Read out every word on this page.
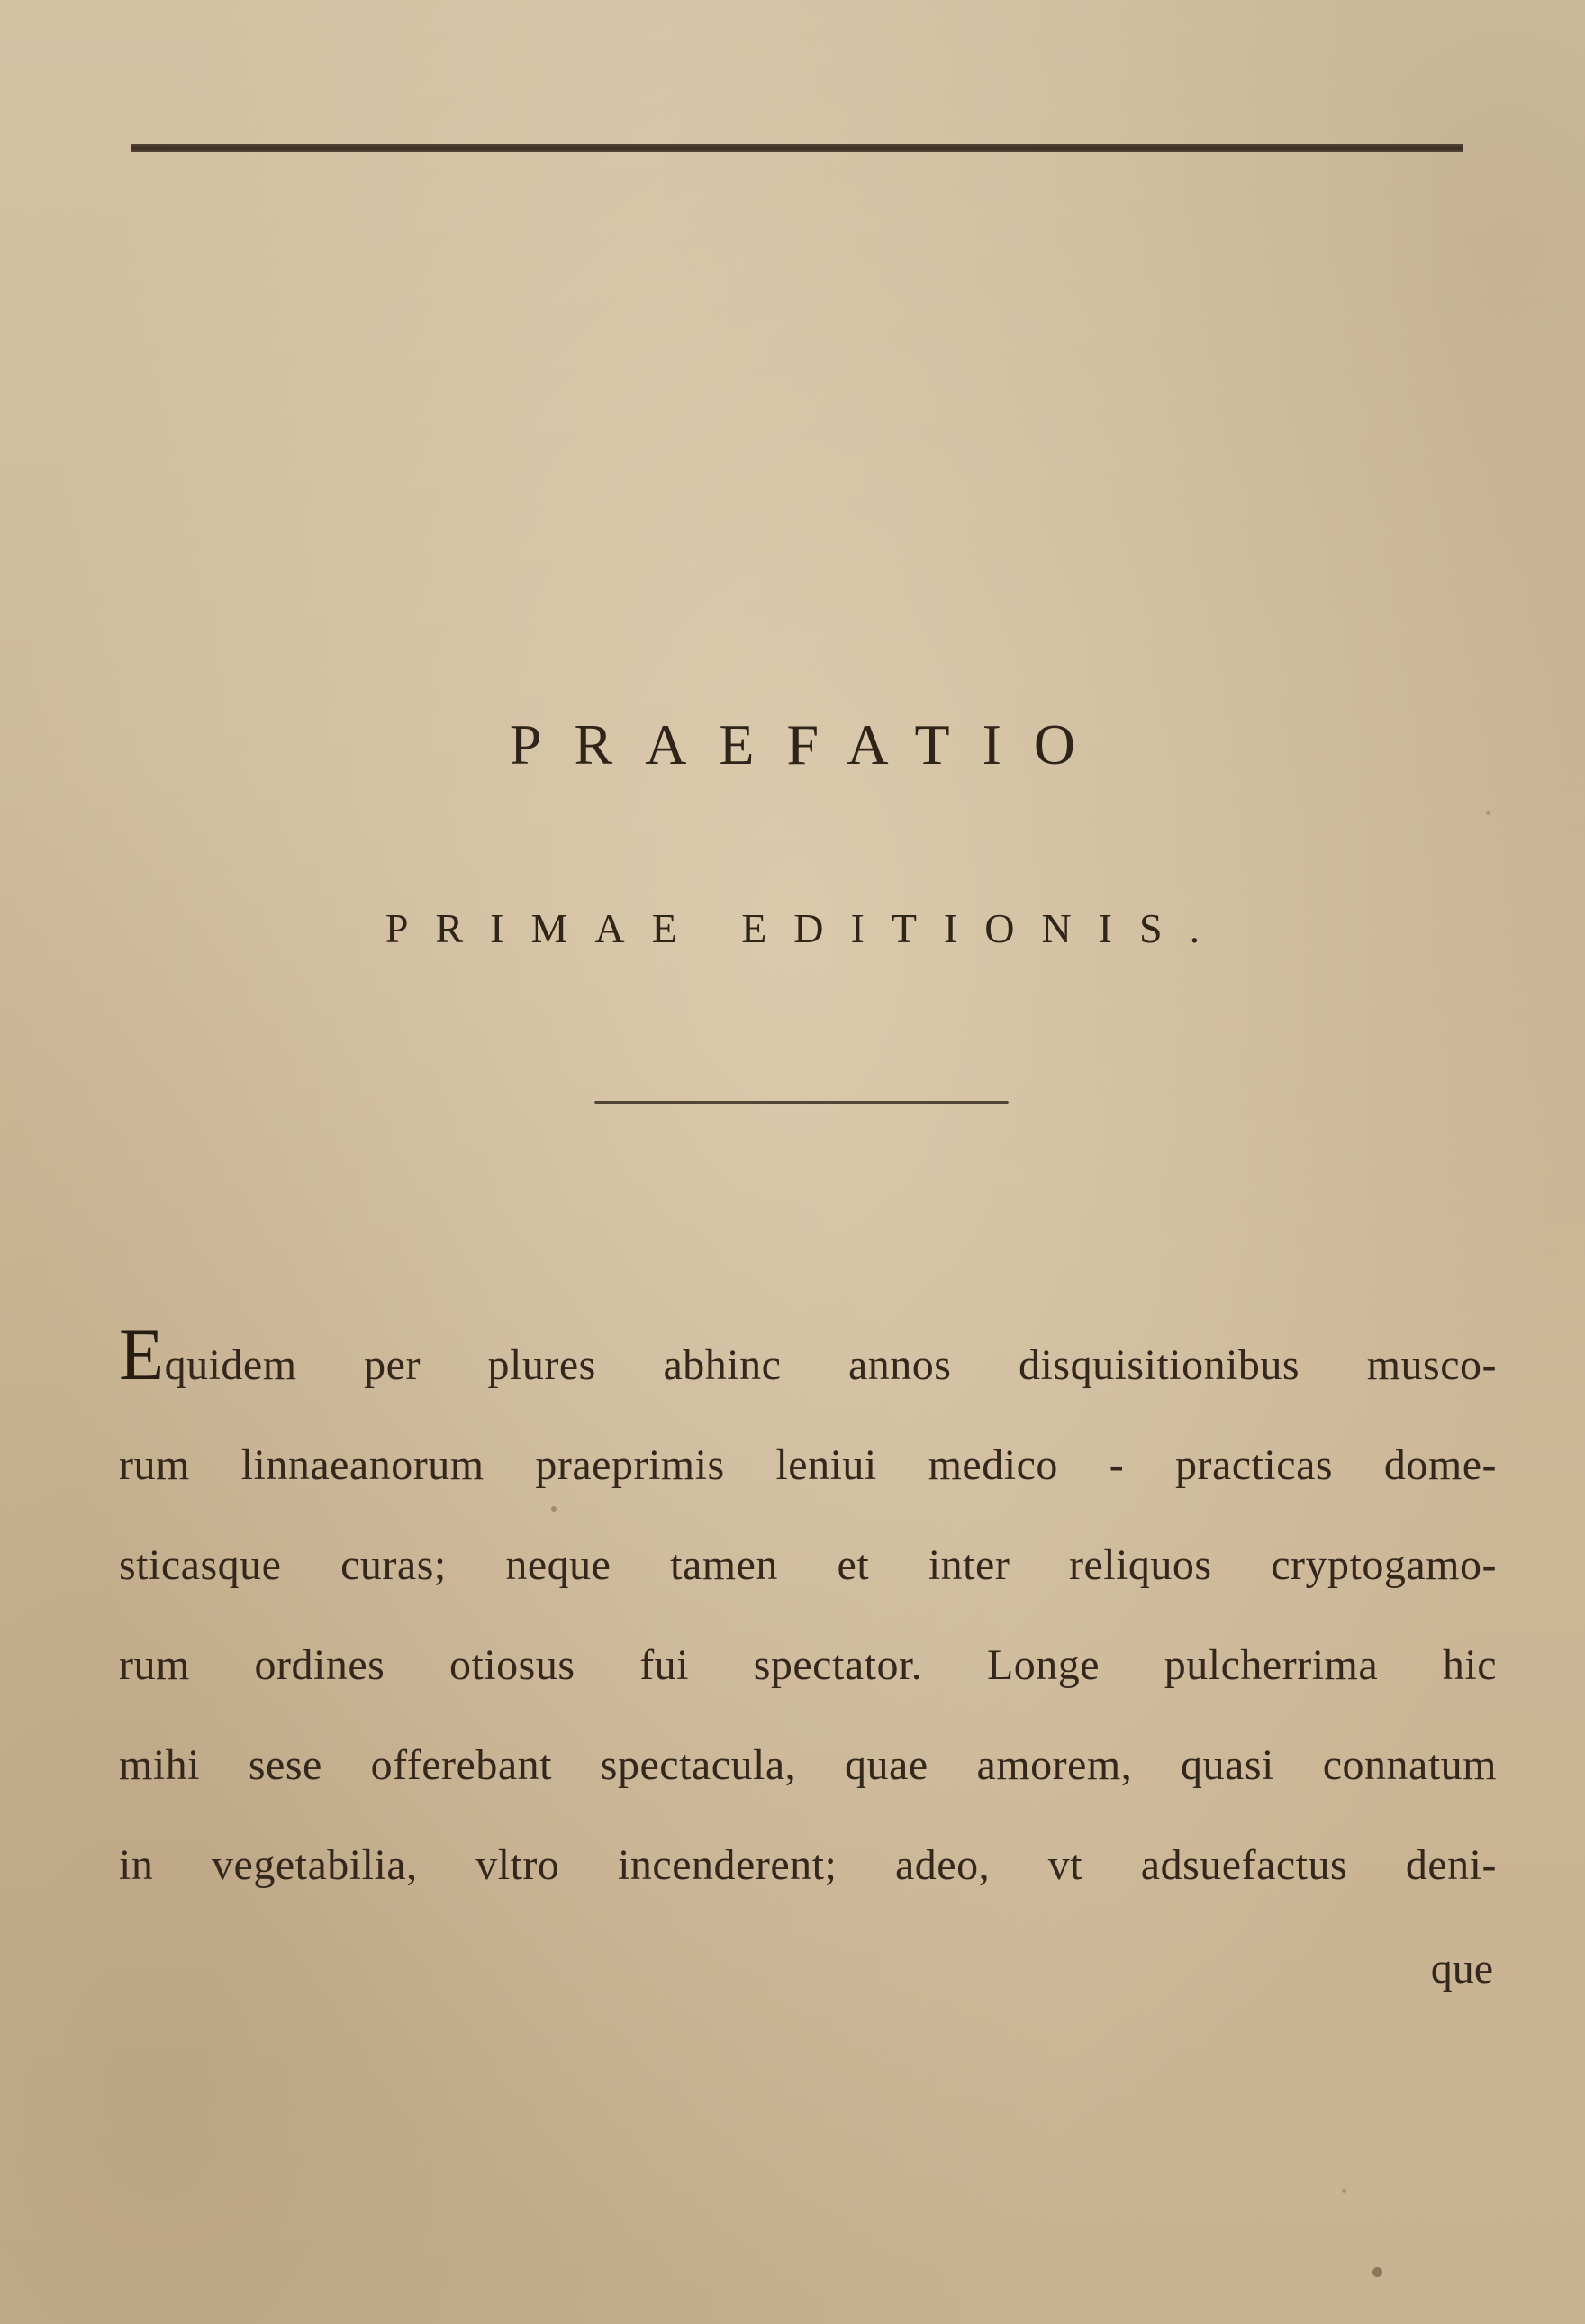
PRAEFATIO
PRIMAE EDITIONIS.
Equidem per plures abhinc annos disquisitionibus musco-
rum linnaeanorum praeprimis leniui medico - practicas dome-
sticasque curas; neque tamen et inter reliquos cryptogamo-
rum ordines otiosus fui spectator. Longe pulcherrima hic
mihi sese offerebant spectacula, quae amorem, quasi connatum
in vegetabilia, vltro incenderent; adeo, vt adsuefactus deni-
que
